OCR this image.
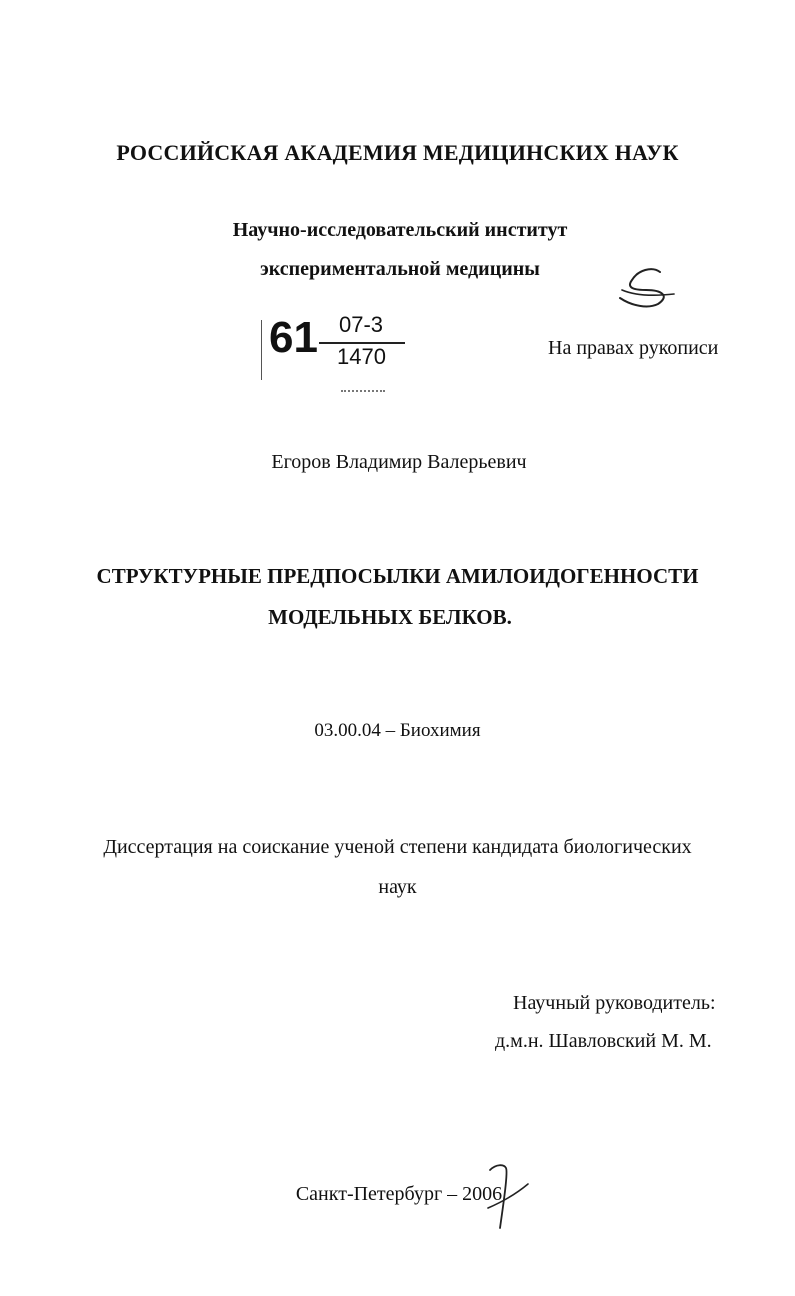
РОССИЙСКАЯ АКАДЕМИЯ МЕДИЦИНСКИХ НАУК
Научно-исследовательский институт
экспериментальной медицины
61 07-3
1470	На правах рукописи
Егоров Владимир Валерьевич
СТРУКТУРНЫЕ ПРЕДПОСЫЛКИ АМИЛОИДОГЕННОСТИ
МОДЕЛЬНЫХ БЕЛКОВ.
03.00.04 – Биохимия
Диссертация на соискание ученой степени кандидата биологических
наук
Научный руководитель:
д.м.н. Шавловский М. М.
Санкт-Петербург – 2006
